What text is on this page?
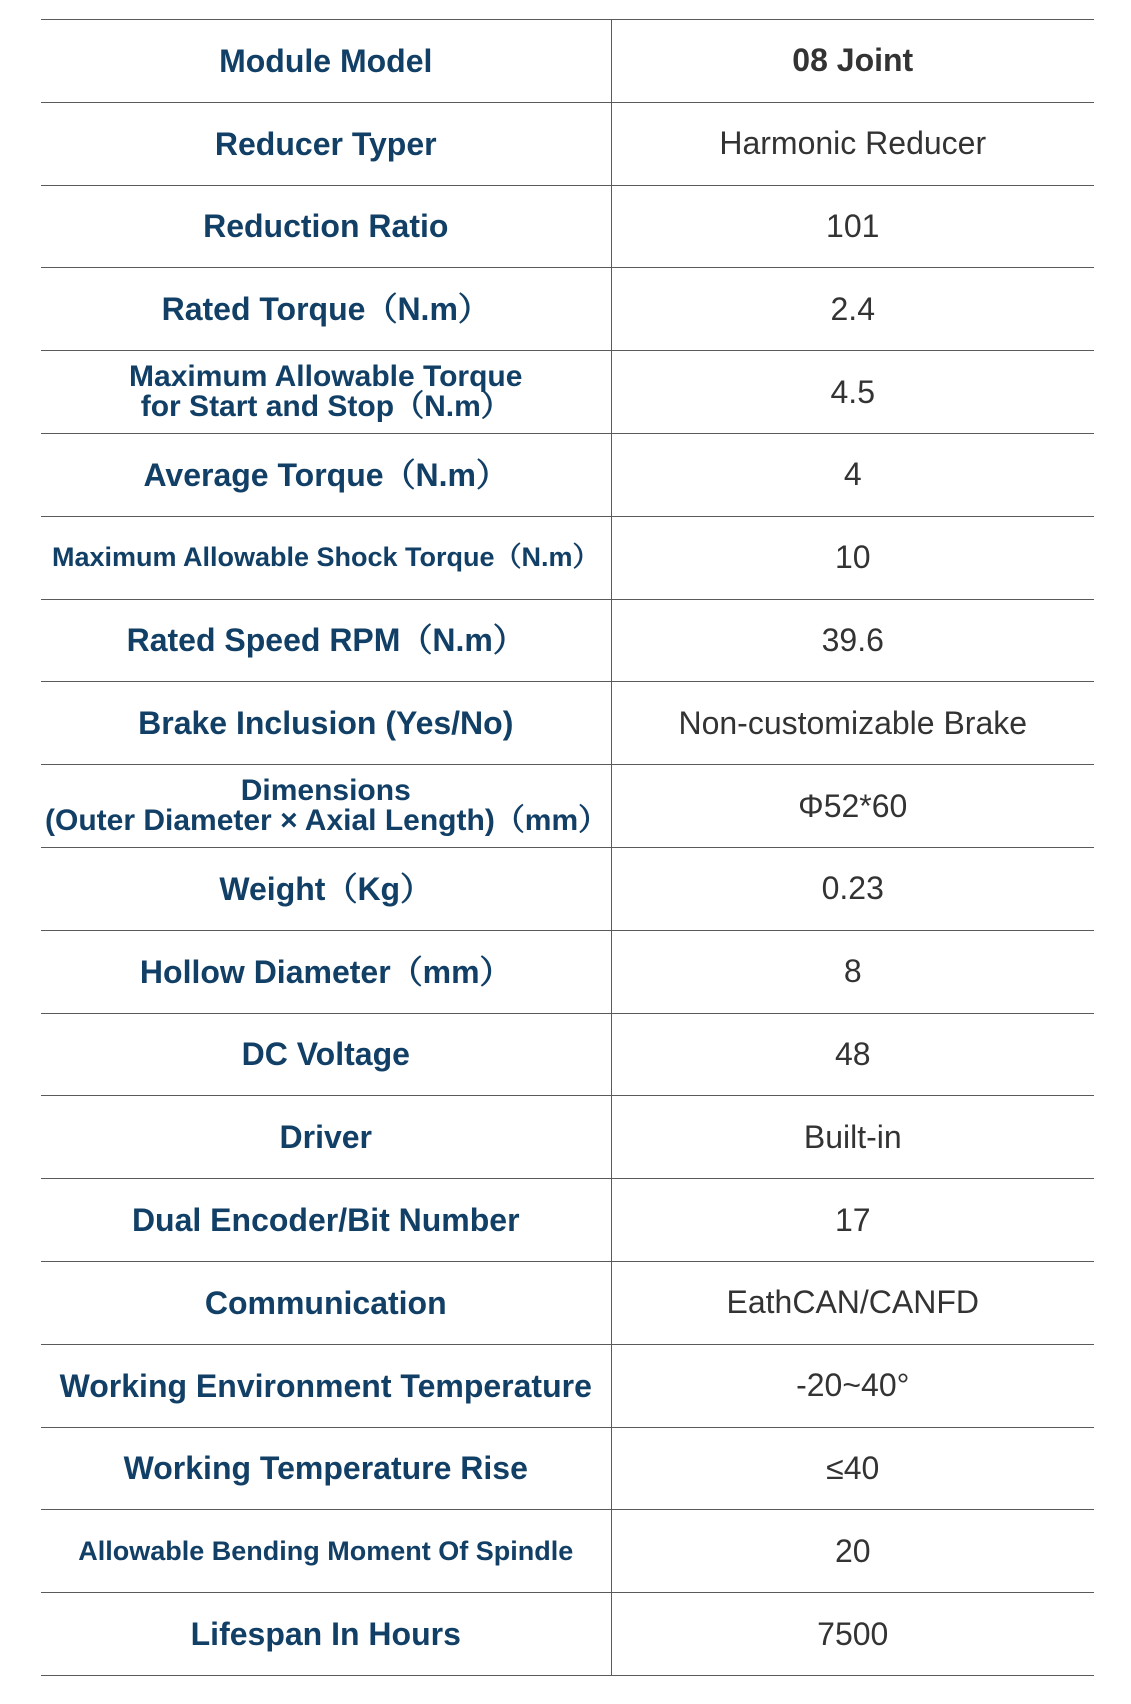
Module Model	08 Joint
Reducer Typer	Harmonic Reducer
Reduction Ratio	101
Rated Torque（N.m）	2.4

Maximum Allowable Torque
for Start and Stop（N.m）	4.5
Average Torque（N.m）	4
Maximum Allowable Shock Torque（N.m）	10
Rated Speed RPM（N.m）	39.6
Brake Inclusion (Yes/No)	Non-customizable Brake

Dimensions
(Outer Diameter × Axial Length)（mm）	Φ52*60
Weight（Kg）	0.23
Hollow Diameter（mm）	8
DC Voltage	48
Driver	Built-in
Dual Encoder/Bit Number	17
Communication	EathCAN/CANFD
Working Environment Temperature	-20~40°
Working Temperature Rise	≤40
Allowable Bending Moment Of Spindle	20
Lifespan In Hours	7500
